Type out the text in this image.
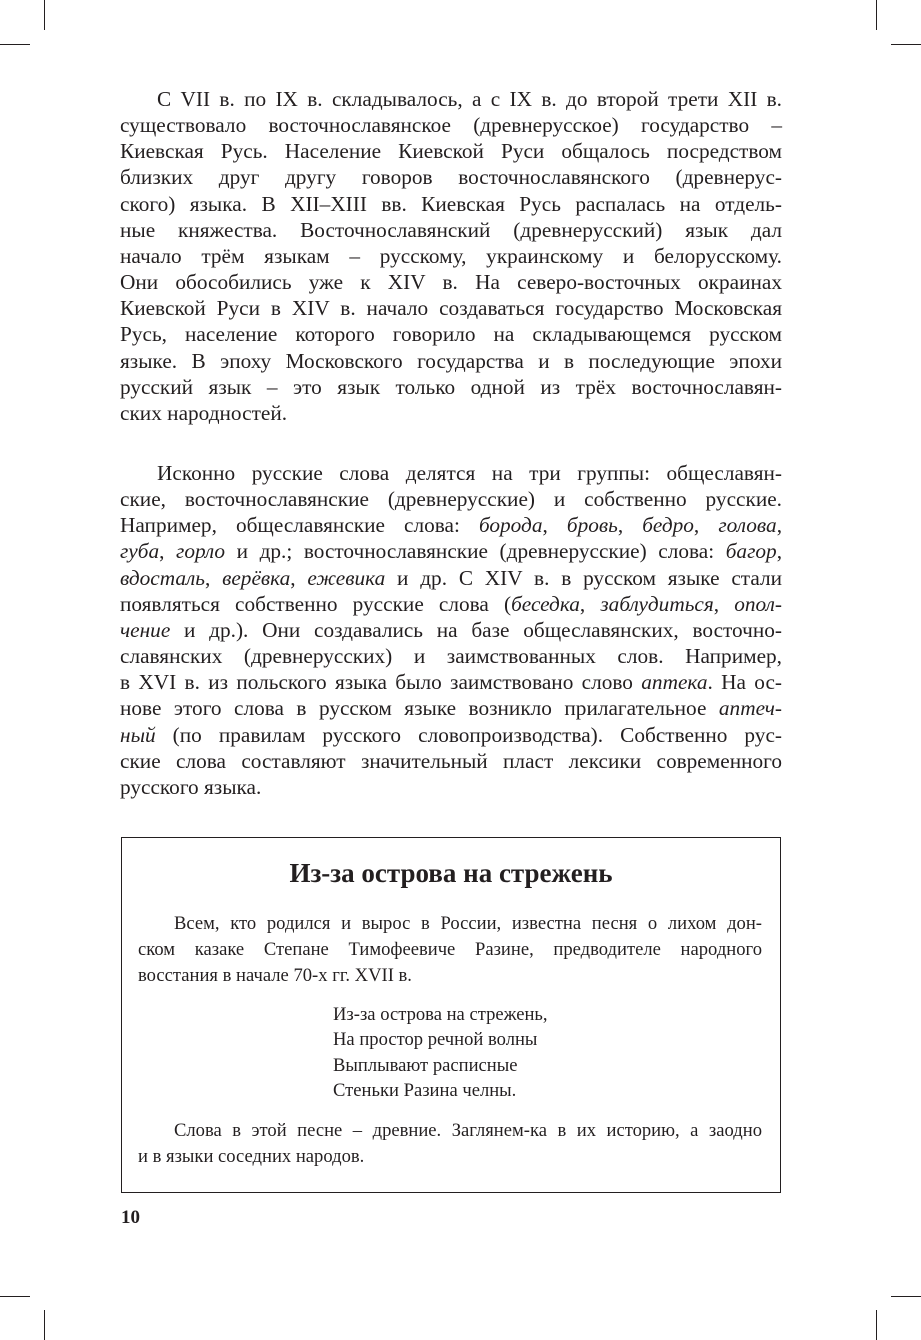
С VII в. по IX в. складывалось, а с IX в. до второй трети XII в.
существовало восточнославянское (древнерусское) государство –
Киевская Русь. Население Киевской Руси общалось посредством
близких друг другу говоров восточнославянского (древнерус-
ского) языка. В XII–XIII вв. Киевская Русь распалась на отдель-
ные княжества. Восточнославянский (древнерусский) язык дал
начало трём языкам – русскому, украинскому и белорусскому.
Они обособились уже к XIV в. На северо-восточных окраинах
Киевской Руси в XIV в. начало создаваться государство Московская
Русь, население которого говорило на складывающемся русском
языке. В эпоху Московского государства и в последующие эпохи
русский язык – это язык только одной из трёх восточнославян-
ских народностей.
Исконно русские слова делятся на три группы: общеславян-
ские, восточнославянские (древнерусские) и собственно русские.
Например, общеславянские слова: борода, бровь, бедро, голова,
губа, горло и др.; восточнославянские (древнерусские) слова: багор,
вдосталь, верёвка, ежевика и др. С XIV в. в русском языке стали
появляться собственно русские слова (беседка, заблудиться, опол-
чение и др.). Они создавались на базе общеславянских, восточно-
славянских (древнерусских) и заимствованных слов. Например,
в XVI в. из польского языка было заимствовано слово аптека. На ос-
нове этого слова в русском языке возникло прилагательное аптеч-
ный (по правилам русского словопроизводства). Собственно рус-
ские слова составляют значительный пласт лексики современного
русского языка.
Из-за острова на стрежень
Всем, кто родился и вырос в России, известна песня о лихом дон-
ском казаке Степане Тимофеевиче Разине, предводителе народного
восстания в начале 70-х гг. XVII в.
Из-за острова на стрежень,
На простор речной волны
Выплывают расписные
Стеньки Разина челны.
Слова в этой песне – древние. Заглянем-ка в их историю, а заодно
и в языки соседних народов.
10
